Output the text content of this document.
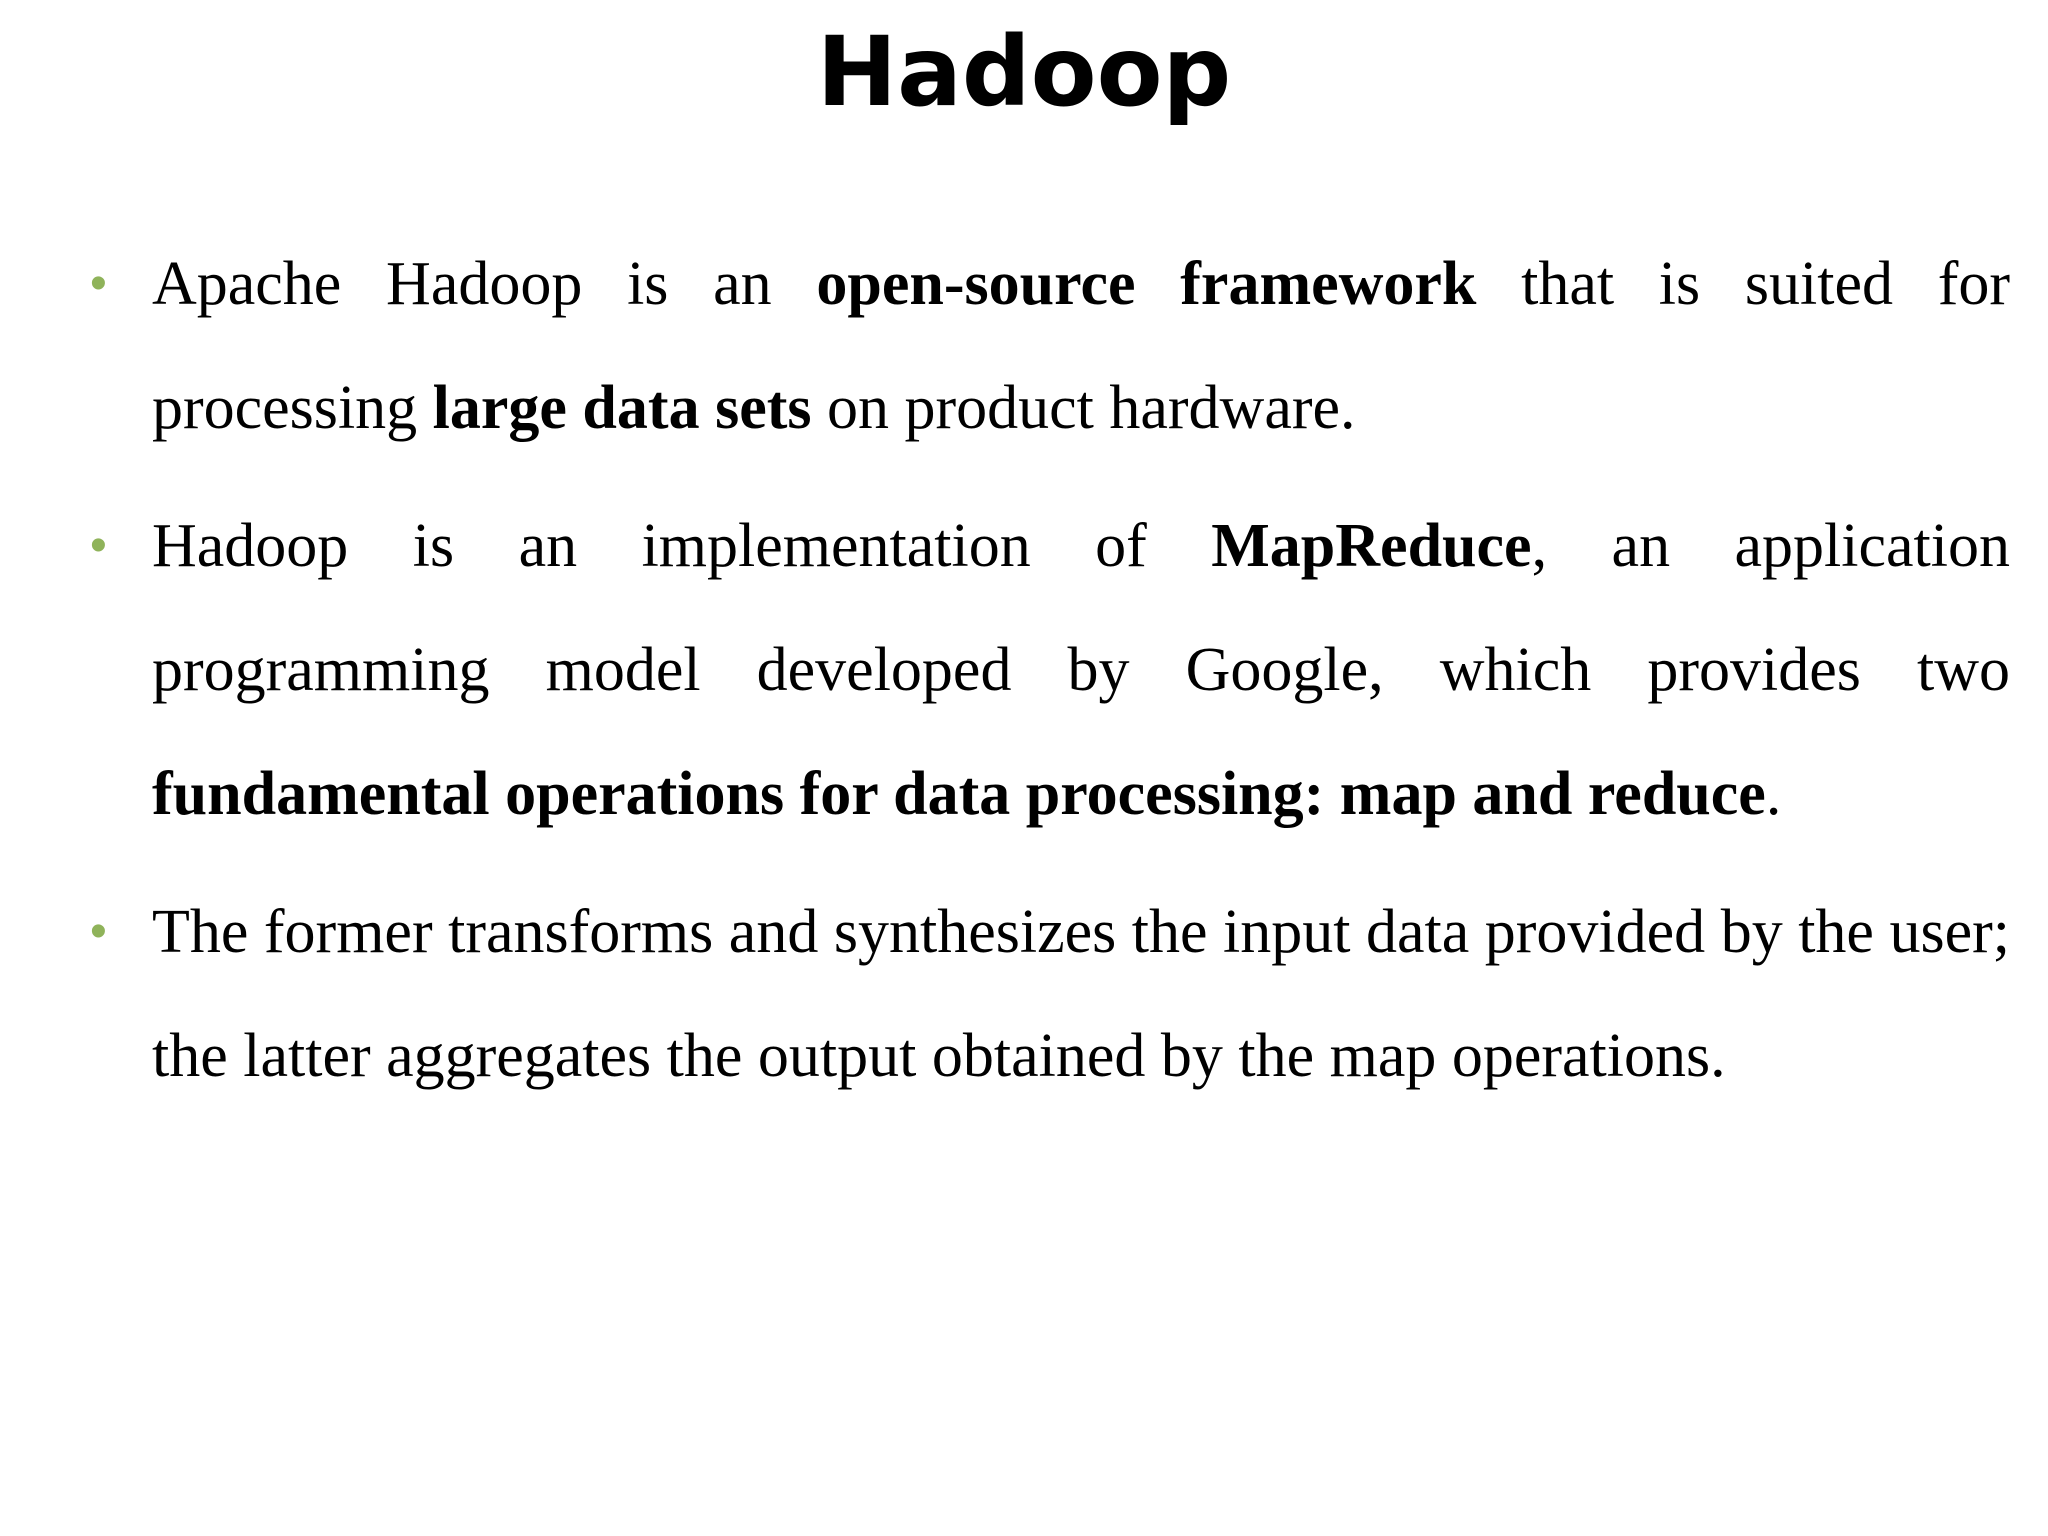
Hadoop
• Apache Hadoop is an open-source framework that is suited for processing large data sets on product hardware.
• Hadoop is an implementation of MapReduce, an application programming model developed by Google, which provides two fundamental operations for data processing: map and reduce.
• The former transforms and synthesizes the input data provided by the user; the latter aggregates the output obtained by the map operations.
